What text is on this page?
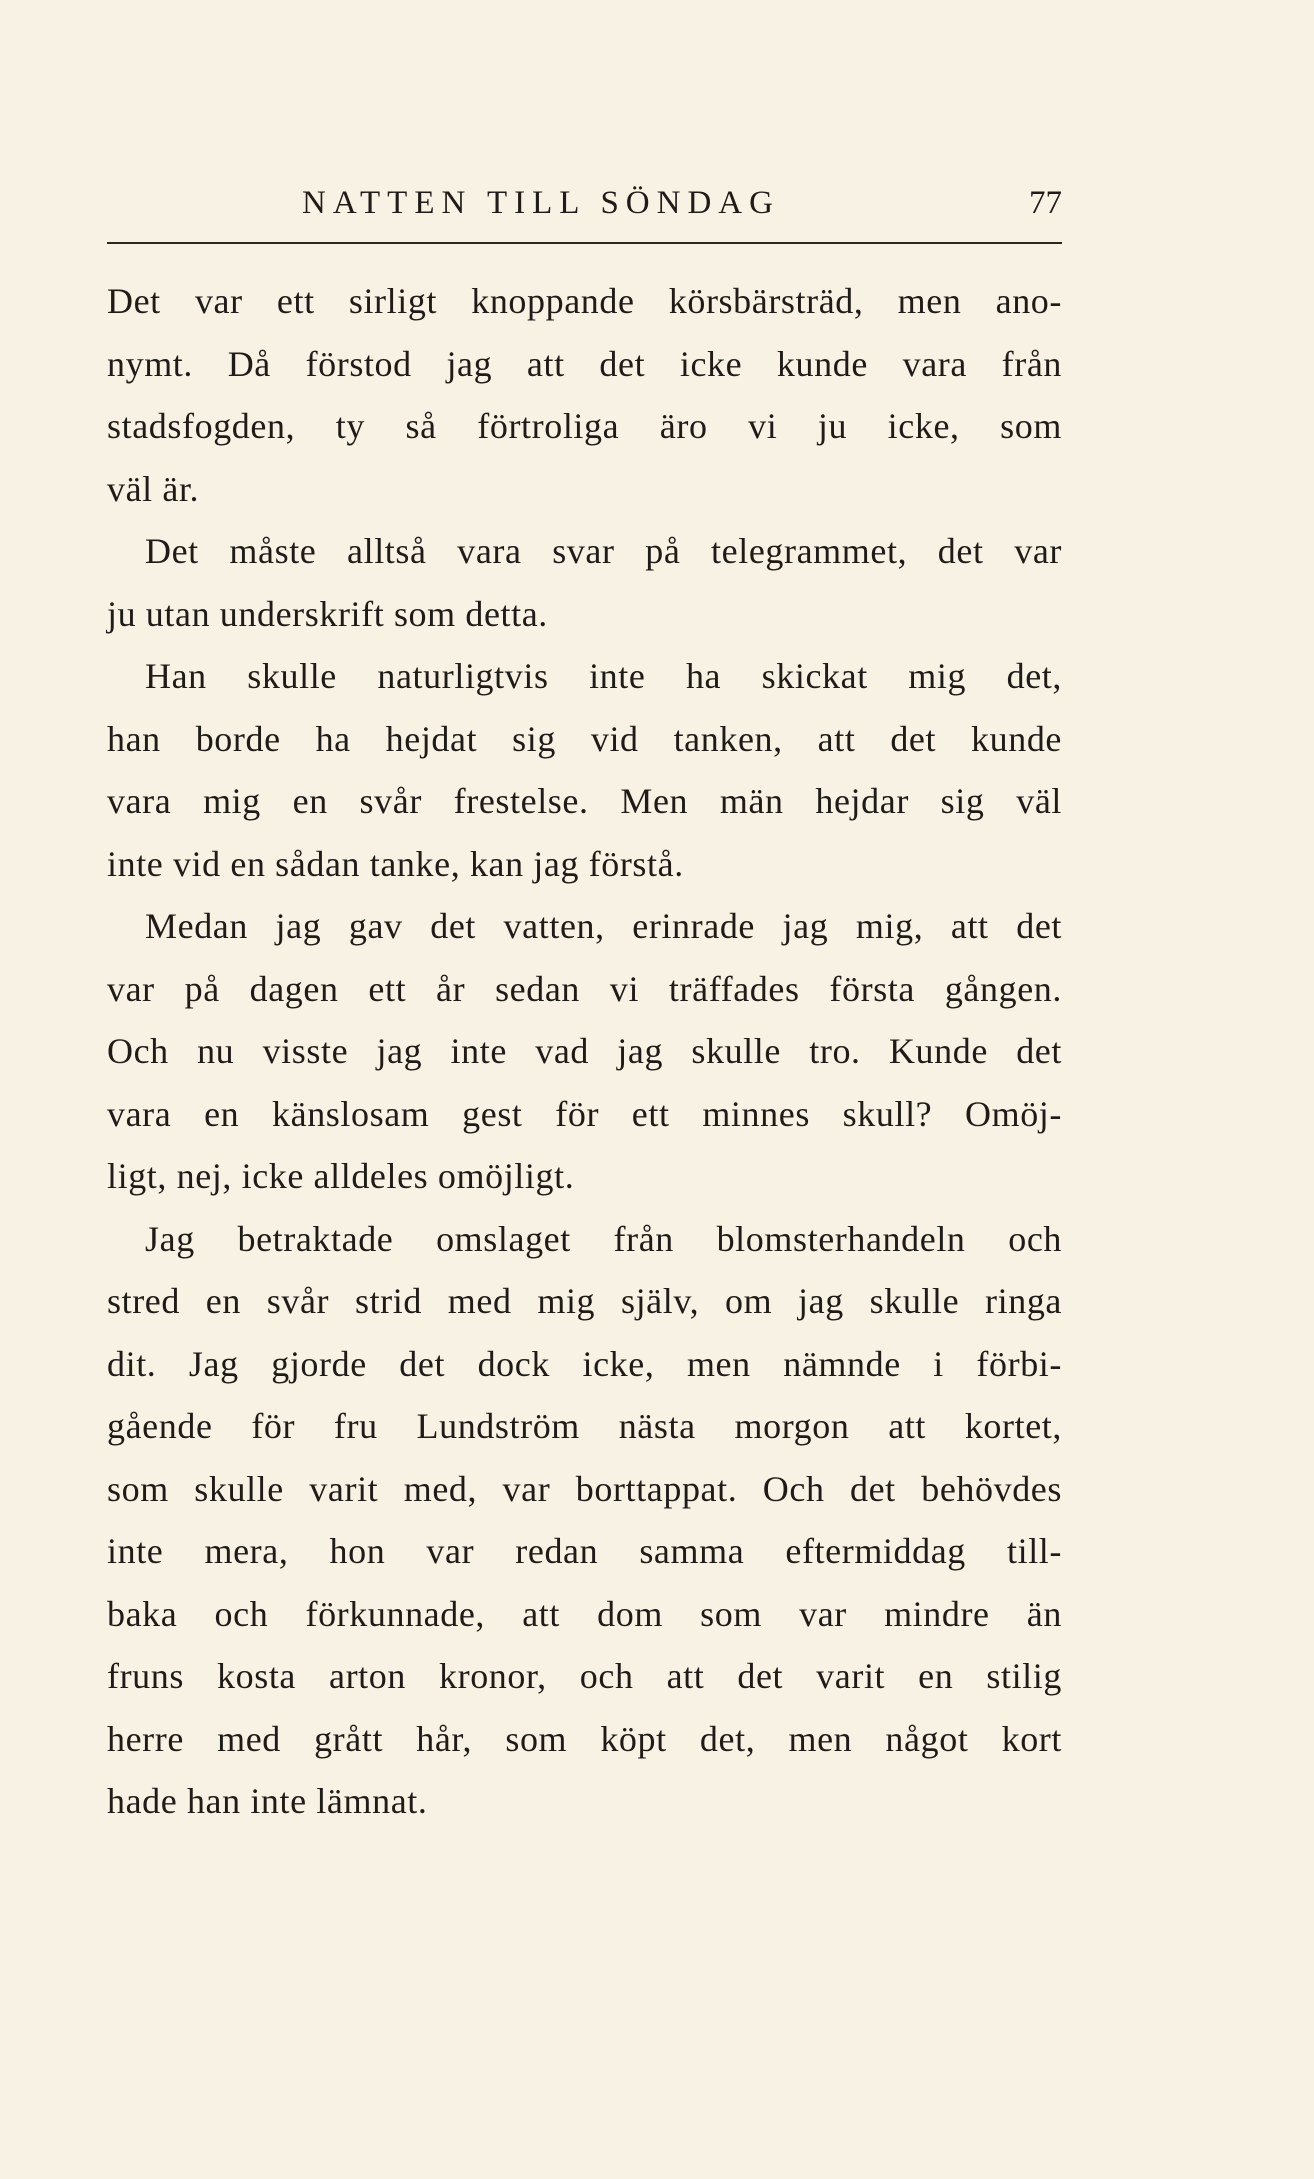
NATTEN TILL SÖNDAG	77
Det var ett sirligt knoppande körsbärsträd, men ano-
nymt. Då förstod jag att det icke kunde vara från
stadsfogden, ty så förtroliga äro vi ju icke, som
väl är.
Det måste alltså vara svar på telegrammet, det var
ju utan underskrift som detta.
Han skulle naturligtvis inte ha skickat mig det,
han borde ha hejdat sig vid tanken, att det kunde
vara mig en svår frestelse. Men män hejdar sig väl
inte vid en sådan tanke, kan jag förstå.
Medan jag gav det vatten, erinrade jag mig, att det
var på dagen ett år sedan vi träffades första gången.
Och nu visste jag inte vad jag skulle tro. Kunde det
vara en känslosam gest för ett minnes skull? Omöj-
ligt, nej, icke alldeles omöjligt.
Jag betraktade omslaget från blomsterhandeln och
stred en svår strid med mig själv, om jag skulle ringa
dit. Jag gjorde det dock icke, men nämnde i förbi-
gående för fru Lundström nästa morgon att kortet,
som skulle varit med, var borttappat. Och det behövdes
inte mera, hon var redan samma eftermiddag till-
baka och förkunnade, att dom som var mindre än
fruns kosta arton kronor, och att det varit en stilig
herre med grått hår, som köpt det, men något kort
hade han inte lämnat.
